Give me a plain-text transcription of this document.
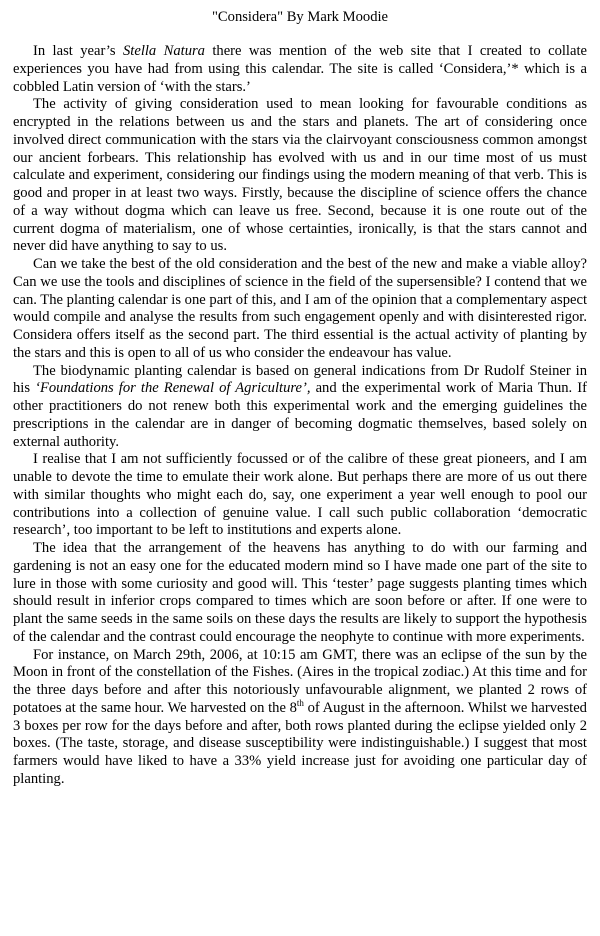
"Considera" By Mark Moodie

In last year’s Stella Natura there was mention of the web site that I created to collate experiences you have had from using this calendar. The site is called ‘Considera,’* which is a cobbled Latin version of ‘with the stars.’

The activity of giving consideration used to mean looking for favourable conditions as encrypted in the relations between us and the stars and planets. The art of considering once involved direct communication with the stars via the clairvoyant consciousness common amongst our ancient forbears. This relationship has evolved with us and in our time most of us must calculate and experiment, considering our findings using the modern meaning of that verb. This is good and proper in at least two ways. Firstly, because the discipline of science offers the chance of a way without dogma which can leave us free. Second, because it is one route out of the current dogma of materialism, one of whose certainties, ironically, is that the stars cannot and never did have anything to say to us.

Can we take the best of the old consideration and the best of the new and make a viable alloy? Can we use the tools and disciplines of science in the field of the supersensible? I contend that we can. The planting calendar is one part of this, and I am of the opinion that a complementary aspect would compile and analyse the results from such engagement openly and with disinterested rigor. Considera offers itself as the second part. The third essential is the actual activity of planting by the stars and this is open to all of us who consider the endeavour has value.

The biodynamic planting calendar is based on general indications from Dr Rudolf Steiner in his ‘Foundations for the Renewal of Agriculture’, and the experimental work of Maria Thun. If other practitioners do not renew both this experimental work and the emerging guidelines the prescriptions in the calendar are in danger of becoming dogmatic themselves, based solely on external authority.

I realise that I am not sufficiently focussed or of the calibre of these great pioneers, and I am unable to devote the time to emulate their work alone. But perhaps there are more of us out there with similar thoughts who might each do, say, one experiment a year well enough to pool our contributions into a collection of genuine value. I call such public collaboration ‘democratic research’, too important to be left to institutions and experts alone.

The idea that the arrangement of the heavens has anything to do with our farming and gardening is not an easy one for the educated modern mind so I have made one part of the site to lure in those with some curiosity and good will. This ‘tester’ page suggests planting times which should result in inferior crops compared to times which are soon before or after. If one were to plant the same seeds in the same soils on these days the results are likely to support the hypothesis of the calendar and the contrast could encourage the neophyte to continue with more experiments.

For instance, on March 29th, 2006, at 10:15 am GMT, there was an eclipse of the sun by the Moon in front of the constellation of the Fishes. (Aires in the tropical zodiac.) At this time and for the three days before and after this notoriously unfavourable alignment, we planted 2 rows of potatoes at the same hour. We harvested on the 8th of August in the afternoon. Whilst we harvested 3 boxes per row for the days before and after, both rows planted during the eclipse yielded only 2 boxes. (The taste, storage, and disease susceptibility were indistinguishable.) I suggest that most farmers would have liked to have a 33% yield increase just for avoiding one particular day of planting.
